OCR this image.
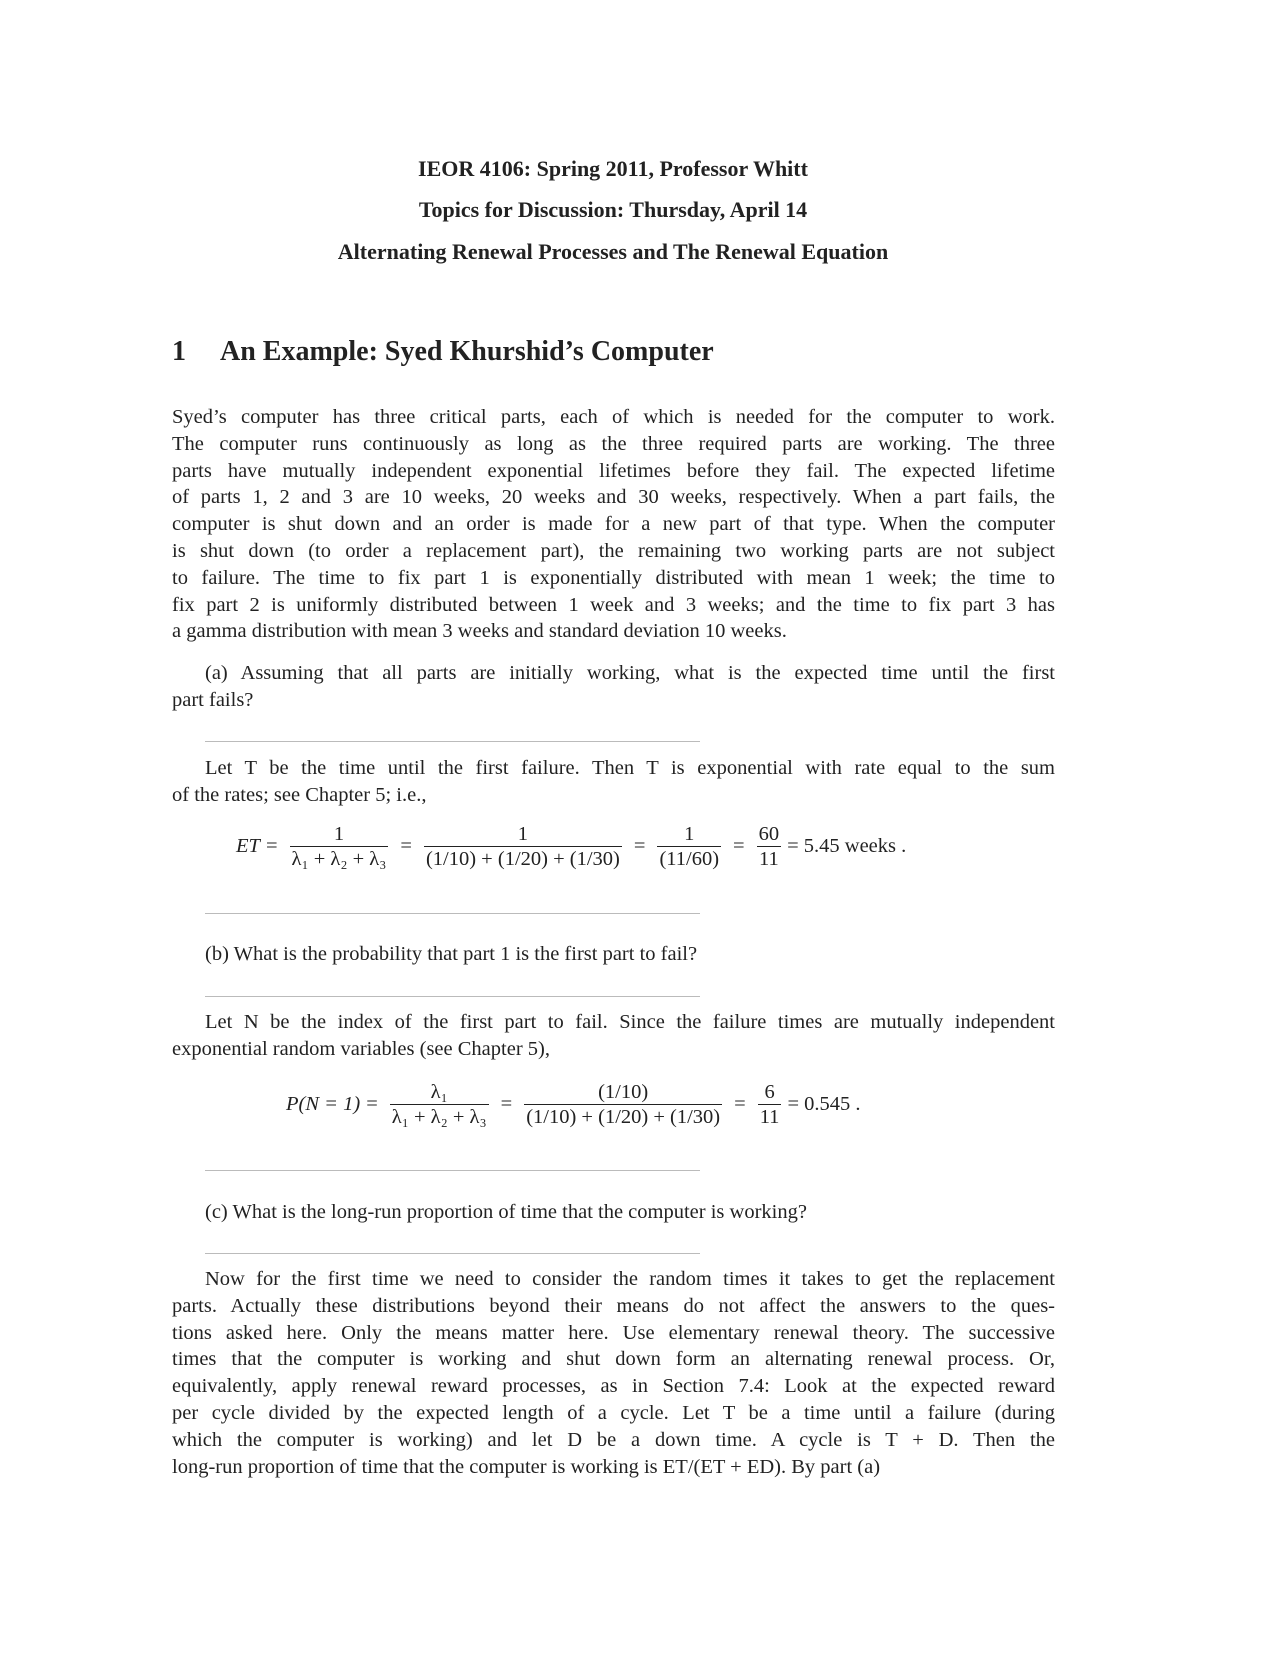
IEOR 4106: Spring 2011, Professor Whitt
Topics for Discussion: Thursday, April 14
Alternating Renewal Processes and The Renewal Equation
1 An Example: Syed Khurshid’s Computer
Syed’s computer has three critical parts, each of which is needed for the computer to work.
The computer runs continuously as long as the three required parts are working. The three
parts have mutually independent exponential lifetimes before they fail. The expected lifetime
of parts 1, 2 and 3 are 10 weeks, 20 weeks and 30 weeks, respectively. When a part fails, the
computer is shut down and an order is made for a new part of that type. When the computer
is shut down (to order a replacement part), the remaining two working parts are not subject
to failure. The time to fix part 1 is exponentially distributed with mean 1 week; the time to
fix part 2 is uniformly distributed between 1 week and 3 weeks; and the time to fix part 3 has
a gamma distribution with mean 3 weeks and standard deviation 10 weeks.
(a) Assuming that all parts are initially working, what is the expected time until the first
part fails?
Let T be the time until the first failure. Then T is exponential with rate equal to the sum
of the rates; see Chapter 5; i.e.,
ET = $\frac{1}{\text{λ₁ + λ₂ + λ₃}} = \frac{1}{(1/10) + (1/20) + (1/30)} = \frac{1}{(11/60)} = \frac{60}{11} = 5.45$ weeks .
(b) What is the probability that part 1 is the first part to fail?
Let N be the index of the first part to fail. Since the failure times are mutually independent
exponential random variables (see Chapter 5),
$P(N = 1) = \frac{\text{λ₁}}{\text{λ₁ + λ₂ + λ₃}} = \frac{(1/10)}{(1/10) + (1/20) + (1/30)} = \frac{6}{11} = 0.545$ .
(c) What is the long-run proportion of time that the computer is working?
Now for the first time we need to consider the random times it takes to get the replacement
parts. Actually these distributions beyond their means do not affect the answers to the ques-
tions asked here. Only the means matter here. Use elementary renewal theory. The successive
times that the computer is working and shut down form an alternating renewal process. Or,
equivalently, apply renewal reward processes, as in Section 7.4: Look at the expected reward
per cycle divided by the expected length of a cycle. Let T be a time until a failure (during
which the computer is working) and let D be a down time. A cycle is T + D. Then the
long-run proportion of time that the computer is working is ET/(ET + ED). By part (a)
